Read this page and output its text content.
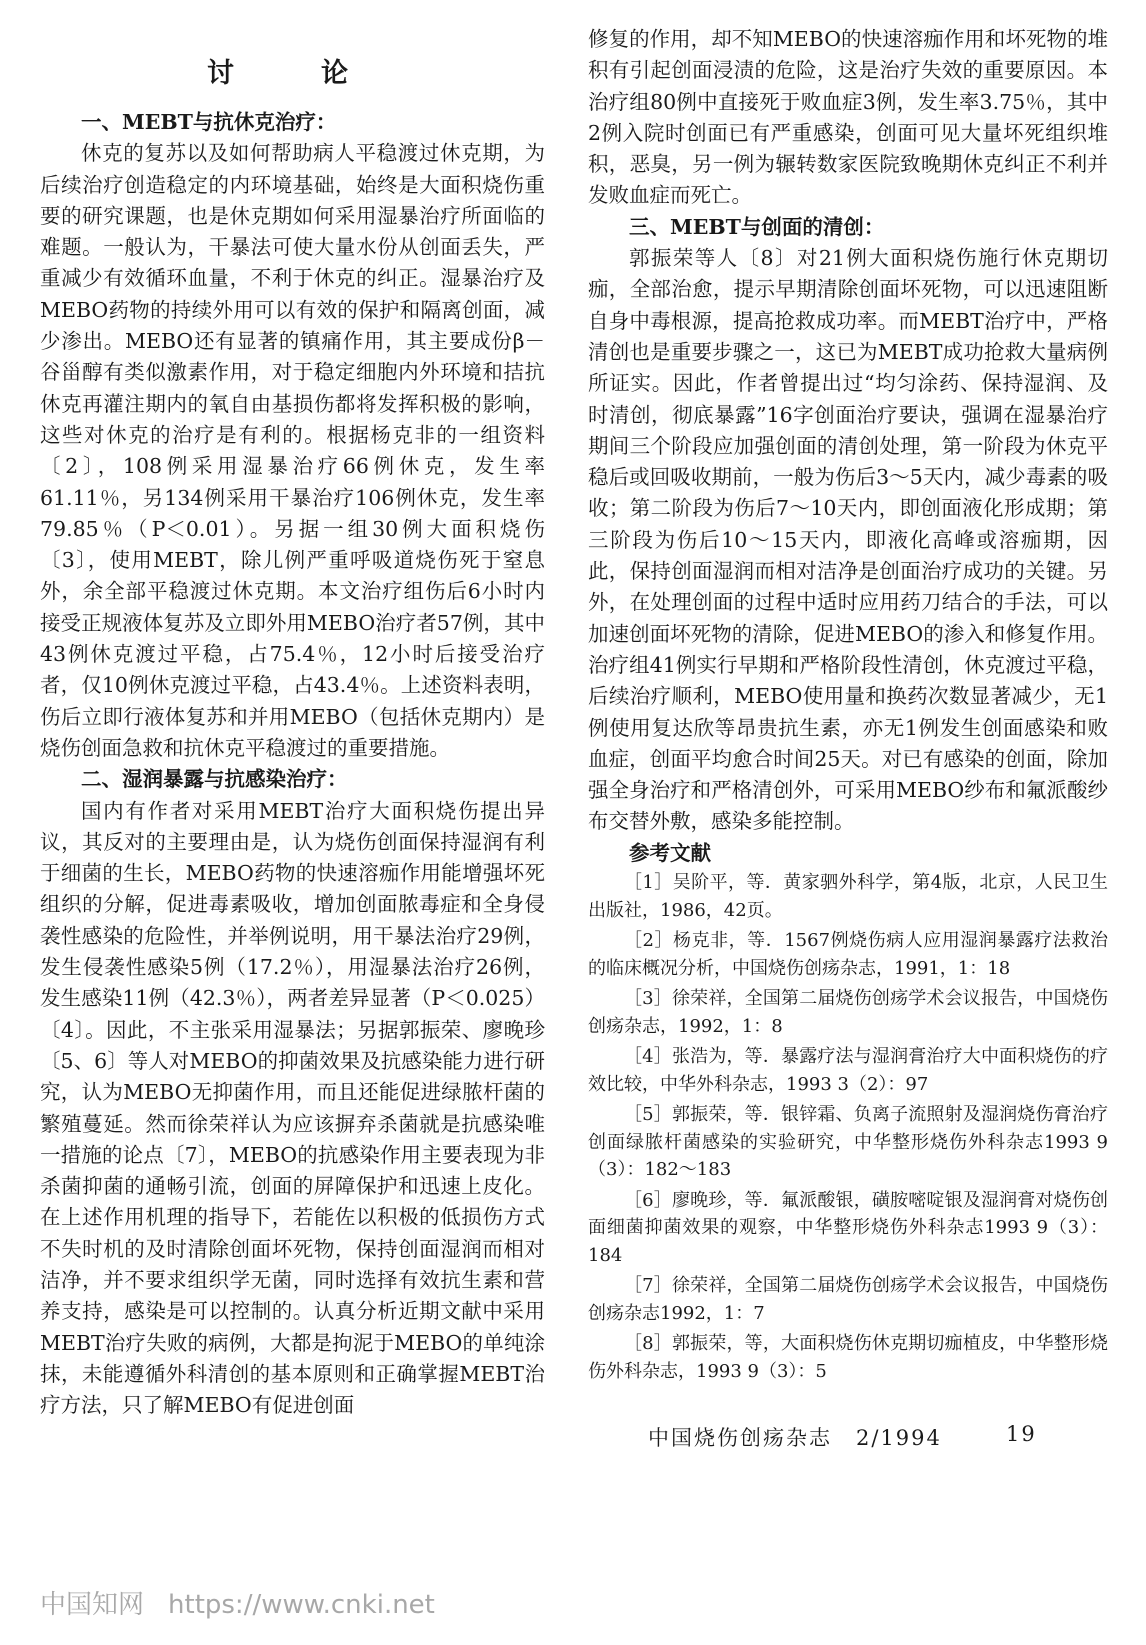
讨　论

一、MEBT与抗休克治疗：

休克的复苏以及如何帮助病人平稳渡过休克期，为后续治疗创造稳定的内环境基础，始终是大面积烧伤重要的研究课题，也是休克期如何采用湿暴治疗所面临的难题。一般认为，干暴法可使大量水份从创面丢失，严重减少有效循环血量，不利于休克的纠正。湿暴治疗及MEBO药物的持续外用可以有效的保护和隔离创面，减少渗出。MEBO还有显著的镇痛作用，其主要成份β－谷甾醇有类似激素作用，对于稳定细胞内外环境和拮抗休克再灌注期内的氧自由基损伤都将发挥积极的影响，这些对休克的治疗是有利的。根据杨克非的一组资料〔2〕，108例采用湿暴治疗66例休克，发生率61.11％，另134例采用干暴治疗106例休克，发生率79.85％（P＜0.01）。另据一组30例大面积烧伤〔3〕，使用MEBT，除儿例严重呼吸道烧伤死于窒息外，余全部平稳渡过休克期。本文治疗组伤后6小时内接受正规液体复苏及立即外用MEBO治疗者57例，其中43例休克渡过平稳，占75.4％，12小时后接受治疗者，仅10例休克渡过平稳，占43.4％。上述资料表明，伤后立即行液体复苏和并用MEBO（包括休克期内）是烧伤创面急救和抗休克平稳渡过的重要措施。

二、湿润暴露与抗感染治疗：

国内有作者对采用MEBT治疗大面积烧伤提出异议，其反对的主要理由是，认为烧伤创面保持湿润有利于细菌的生长，MEBO药物的快速溶痂作用能增强坏死组织的分解，促进毒素吸收，增加创面脓毒症和全身侵袭性感染的危险性，并举例说明，用干暴法治疗29例，发生侵袭性感染5例（17.2％），用湿暴法治疗26例，发生感染11例（42.3％），两者差异显著（P＜0.025）〔4〕。因此，不主张采用湿暴法；另据郭振荣、廖晚珍〔5、6〕等人对MEBO的抑菌效果及抗感染能力进行研究，认为MEBO无抑菌作用，而且还能促进绿脓杆菌的繁殖蔓延。然而徐荣祥认为应该摒弃杀菌就是抗感染唯一措施的论点〔7〕，MEBO的抗感染作用主要表现为非杀菌抑菌的通畅引流，创面的屏障保护和迅速上皮化。在上述作用机理的指导下，若能佐以积极的低损伤方式不失时机的及时清除创面坏死物，保持创面湿润而相对洁净，并不要求组织学无菌，同时选择有效抗生素和营养支持，感染是可以控制的。认真分析近期文献中采用MEBT治疗失败的病例，大都是拘泥于MEBO的单纯涂抹，未能遵循外科清创的基本原则和正确掌握MEBT治疗方法，只了解MEBO有促进创面

修复的作用，却不知MEBO的快速溶痂作用和坏死物的堆积有引起创面浸渍的危险，这是治疗失效的重要原因。本治疗组80例中直接死于败血症3例，发生率3.75％，其中2例入院时创面已有严重感染，创面可见大量坏死组织堆积，恶臭，另一例为辗转数家医院致晚期休克纠正不利并发败血症而死亡。

三、MEBT与创面的清创：

郭振荣等人〔8〕对21例大面积烧伤施行休克期切痂，全部治愈，提示早期清除创面坏死物，可以迅速阻断自身中毒根源，提高抢救成功率。而MEBT治疗中，严格清创也是重要步骤之一，这已为MEBT成功抢救大量病例所证实。因此，作者曾提出过“均匀涂药、保持湿润、及时清创，彻底暴露”16字创面治疗要诀，强调在湿暴治疗期间三个阶段应加强创面的清创处理，第一阶段为休克平稳后或回吸收期前，一般为伤后3～5天内，减少毒素的吸收；第二阶段为伤后7～10天内，即创面液化形成期；第三阶段为伤后10～15天内，即液化高峰或溶痂期，因此，保持创面湿润而相对洁净是创面治疗成功的关键。另外，在处理创面的过程中适时应用药刀结合的手法，可以加速创面坏死物的清除，促进MEBO的渗入和修复作用。治疗组41例实行早期和严格阶段性清创，休克渡过平稳，后续治疗顺利，MEBO使用量和换药次数显著减少，无1例使用复达欣等昂贵抗生素，亦无1例发生创面感染和败血症，创面平均愈合时间25天。对已有感染的创面，除加强全身治疗和严格清创外，可采用MEBO纱布和氟派酸纱布交替外敷，感染多能控制。

参考文献

［1］吴阶平，等．黄家驷外科学，第4版，北京，人民卫生出版社，1986，42页。
［2］杨克非，等．1567例烧伤病人应用湿润暴露疗法救治的临床概况分析，中国烧伤创疡杂志，1991，1：18
［3］徐荣祥，全国第二届烧伤创疡学术会议报告，中国烧伤创疡杂志，1992，1：8
［4］张浩为，等．暴露疗法与湿润膏治疗大中面积烧伤的疗效比较，中华外科杂志，1993 3（2）：97
［5］郭振荣，等．银锌霜、负离子流照射及湿润烧伤膏治疗创面绿脓杆菌感染的实验研究，中华整形烧伤外科杂志1993 9（3）：182～183
［6］廖晚珍，等．氟派酸银，磺胺嘧啶银及湿润膏对烧伤创面细菌抑菌效果的观察，中华整形烧伤外科杂志1993 9（3）：184
［7］徐荣祥，全国第二届烧伤创疡学术会议报告，中国烧伤创疡杂志1992，1：7
［8］郭振荣，等，大面积烧伤休克期切痂植皮，中华整形烧伤外科杂志，1993 9（3）：5
中国烧伤创疡杂志 2/1994	19
中国知网 https://www.cnki.net
